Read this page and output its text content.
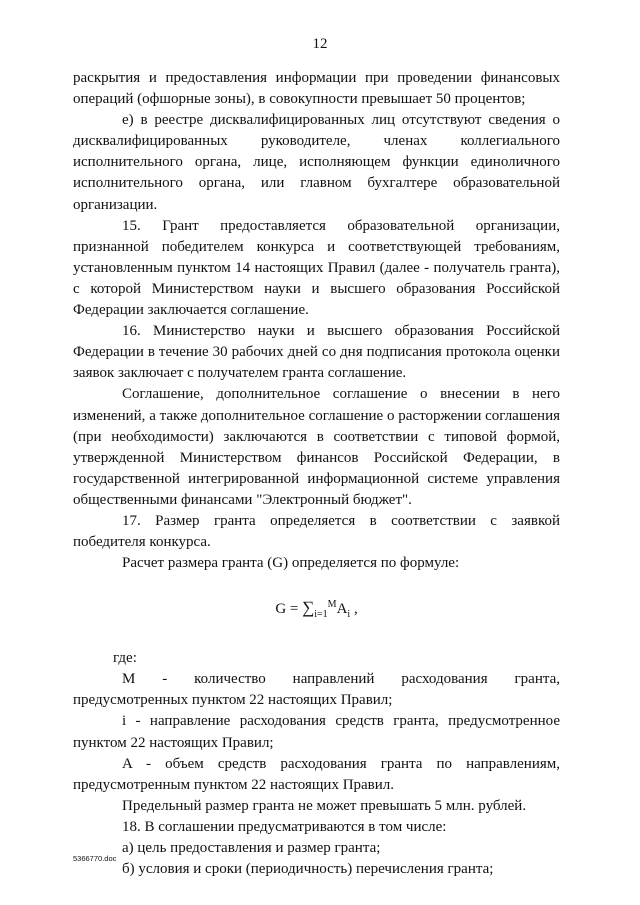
12

раскрытия и предоставления информации при проведении финансовых операций (офшорные зоны), в совокупности превышает 50 процентов;

е) в реестре дисквалифицированных лиц отсутствуют сведения о дисквалифицированных руководителе, членах коллегиального исполнительного органа, лице, исполняющем функции единоличного исполнительного органа, или главном бухгалтере образовательной организации.

15. Грант предоставляется образовательной организации, признанной победителем конкурса и соответствующей требованиям, установленным пунктом 14 настоящих Правил (далее - получатель гранта), с которой Министерством науки и высшего образования Российской Федерации заключается соглашение.

16. Министерство науки и высшего образования Российской Федерации в течение 30 рабочих дней со дня подписания протокола оценки заявок заключает с получателем гранта соглашение.

Соглашение, дополнительное соглашение о внесении в него изменений, а также дополнительное соглашение о расторжении соглашения (при необходимости) заключаются в соответствии с типовой формой, утвержденной Министерством финансов Российской Федерации, в государственной интегрированной информационной системе управления общественными финансами "Электронный бюджет".

17. Размер гранта определяется в соответствии с заявкой победителя конкурса.

Расчет размера гранта (G) определяется по формуле:

$G = \sum_{i=1}^MA_i$ ,

где:

M - количество направлений расходования гранта, предусмотренных пунктом 22 настоящих Правил;

i - направление расходования средств гранта, предусмотренное пунктом 22 настоящих Правил;

A - объем средств расходования гранта по направлениям, предусмотренным пунктом 22 настоящих Правил.

Предельный размер гранта не может превышать 5 млн. рублей.

18. В соглашении предусматриваются в том числе:

а) цель предоставления и размер гранта;

б) условия и сроки (периодичность) перечисления гранта;

5366770.doc
